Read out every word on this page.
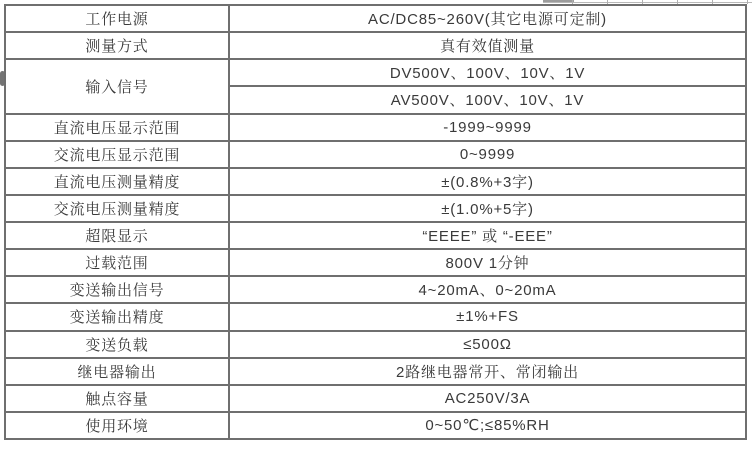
工作电源	AC/DC85~260V(其它电源可定制)
测量方式	真有效值测量
输入信号	DV500V、100V、10V、1V
	AV500V、100V、10V、1V
直流电压显示范围	-1999~9999
交流电压显示范围	0~9999
直流电压测量精度	±(0.8%+3字)
交流电压测量精度	±(1.0%+5字)
超限显示	“EEEE” 或 “-EEE”
过载范围	800V 1分钟
变送输出信号	4~20mA、0~20mA
变送输出精度	±1%+FS
变送负载	≤500Ω
继电器输出	2路继电器常开、常闭输出
触点容量	AC250V/3A
使用环境	0~50℃;≤85%RH
